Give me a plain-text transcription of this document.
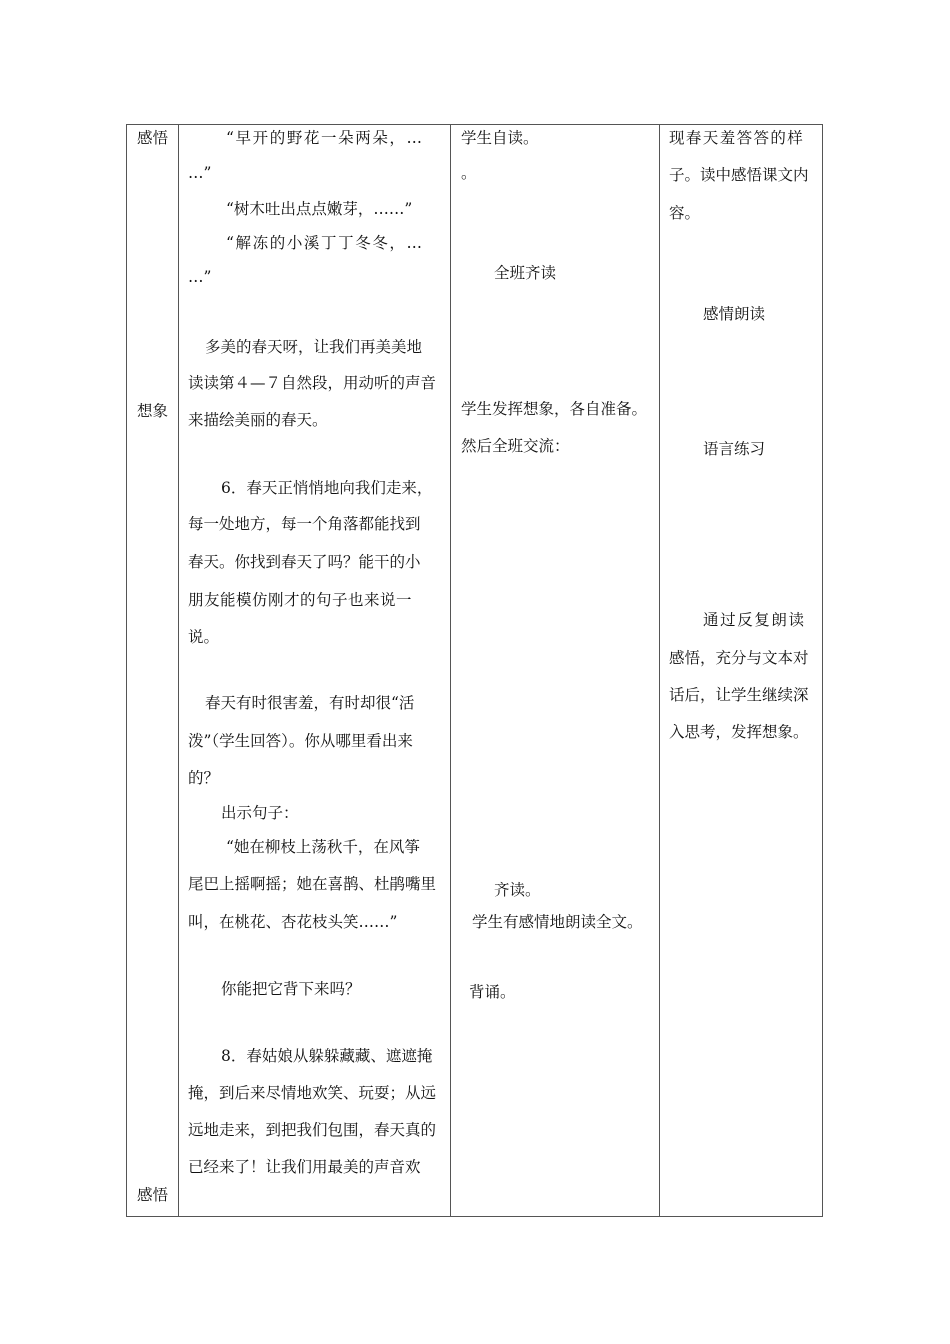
感悟
想象
感悟
“早开的野花一朵两朵，…
…”
“树木吐出点点嫩芽，……”
“解冻的小溪丁丁冬冬，…
…”
多美的春天呀，让我们再美美地
读读第４—７自然段，用动听的声音
来描绘美丽的春天。
6．春天正悄悄地向我们走来，
每一处地方，每一个角落都能找到
春天。你找到春天了吗？能干的小
朋友能模仿刚才的句子也来说一
说。
春天有时很害羞，有时却很“活
泼”（学生回答）。你从哪里看出来
的？
出示句子：
“她在柳枝上荡秋千，在风筝
尾巴上摇啊摇；她在喜鹊、杜鹃嘴里
叫，在桃花、杏花枝头笑……”
你能把它背下来吗？
8．春姑娘从躲躲藏藏、遮遮掩
掩，到后来尽情地欢笑、玩耍；从远
远地走来，到把我们包围，春天真的
已经来了！让我们用最美的声音欢
学生自读。
。
全班齐读
学生发挥想象，各自准备。
然后全班交流：
齐读。
学生有感情地朗读全文。
背诵。
现春天羞答答的样
子。读中感悟课文内
容。
感情朗读
语言练习
通过反复朗读
感悟，充分与文本对
话后，让学生继续深
入思考，发挥想象。
